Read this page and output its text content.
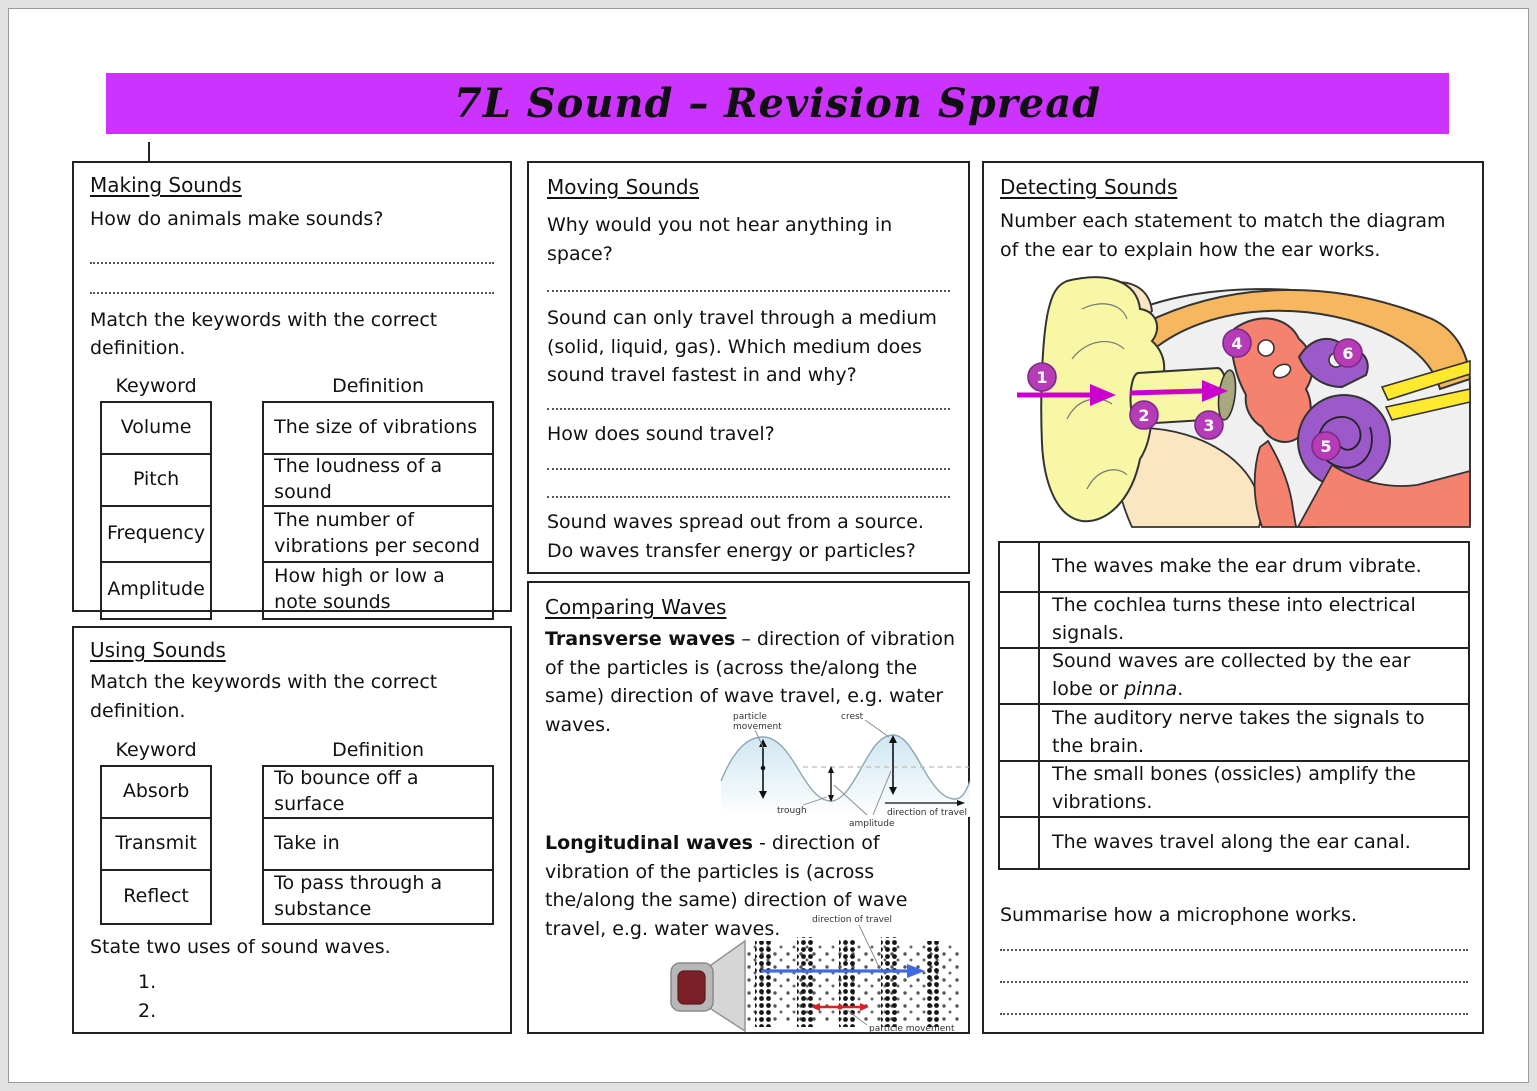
7L Sound – Revision Spread
Making Sounds
How do animals make sounds?
Match the keywords with the correct definition.
Keyword
Volume
Pitch
Frequency
Amplitude
Definition
The size of vibrations
The loudness of a sound
The number of vibrations per second
How high or low a note sounds
Using Sounds
Match the keywords with the correct definition.
Keyword
Absorb
Transmit
Reflect
Definition
To bounce off a surface
Take in
To pass through a substance
State two uses of sound waves.
1.
2.
Moving Sounds
Why would you not hear anything in space?
Sound can only travel through a medium (solid, liquid, gas). Which medium does sound travel fastest in and why?
How does sound travel?
Sound waves spread out from a source. Do waves transfer energy or particles?
Comparing Waves
Transverse waves – direction of vibration of the particles is (across the/along the same) direction of wave travel, e.g. water waves.	particle
movement
crest
trough
amplitude
direction of travel
Longitudinal waves - direction of vibration of the particles is (across the/along the same) direction of wave travel, e.g. water waves.	direction of travel
particle movement
Detecting Sounds
Number each statement to match the diagram of the ear to explain how the ear works.
1
2
3
4
5
6
The waves make the ear drum vibrate.
The cochlea turns these into electrical signals.
Sound waves are collected by the ear lobe or pinna.
The auditory nerve takes the signals to the brain.
The small bones (ossicles) amplify the vibrations.
The waves travel along the ear canal.
Summarise how a microphone works.
